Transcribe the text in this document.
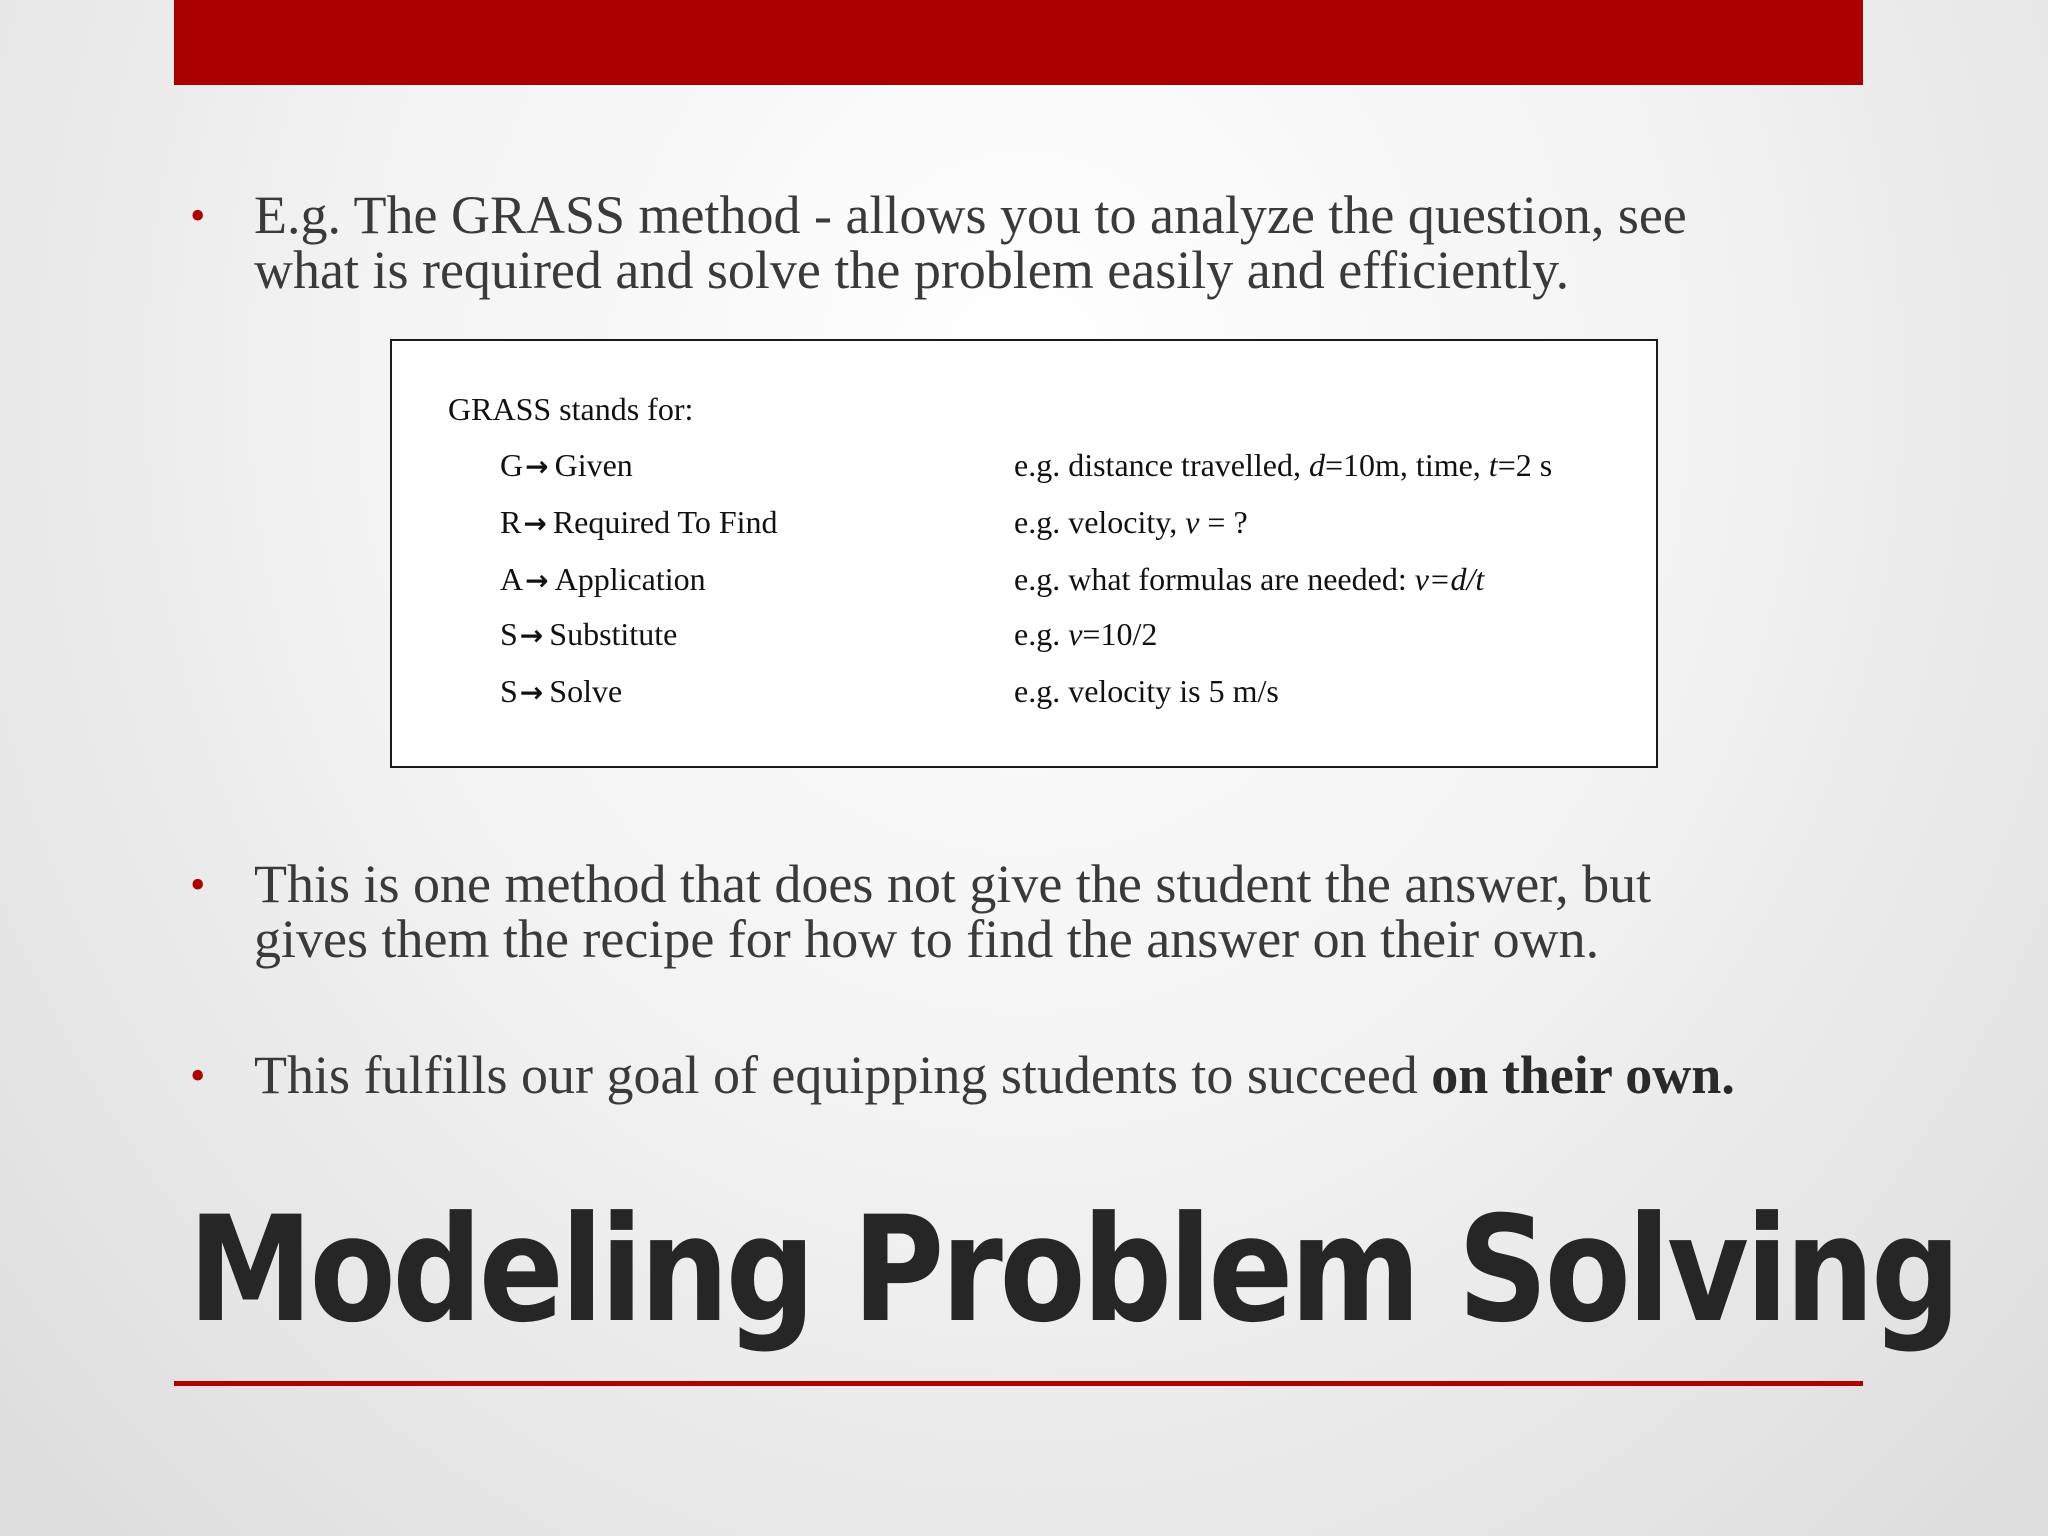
• E.g. The GRASS method - allows you to analyze the question, see
what is required and solve the problem easily and efficiently.
GRASS stands for:
G→ Given	e.g. distance travelled, d=10m, time, t=2 s
R→ Required To Find	e.g. velocity, v = ?
A→ Application	e.g. what formulas are needed: v=d/t
S→ Substitute	e.g. v=10/2
S→ Solve	e.g. velocity is 5 m/s
• This is one method that does not give the student the answer, but
gives them the recipe for how to find the answer on their own.
• This fulfills our goal of equipping students to succeed on their own.
Modeling Problem Solving
